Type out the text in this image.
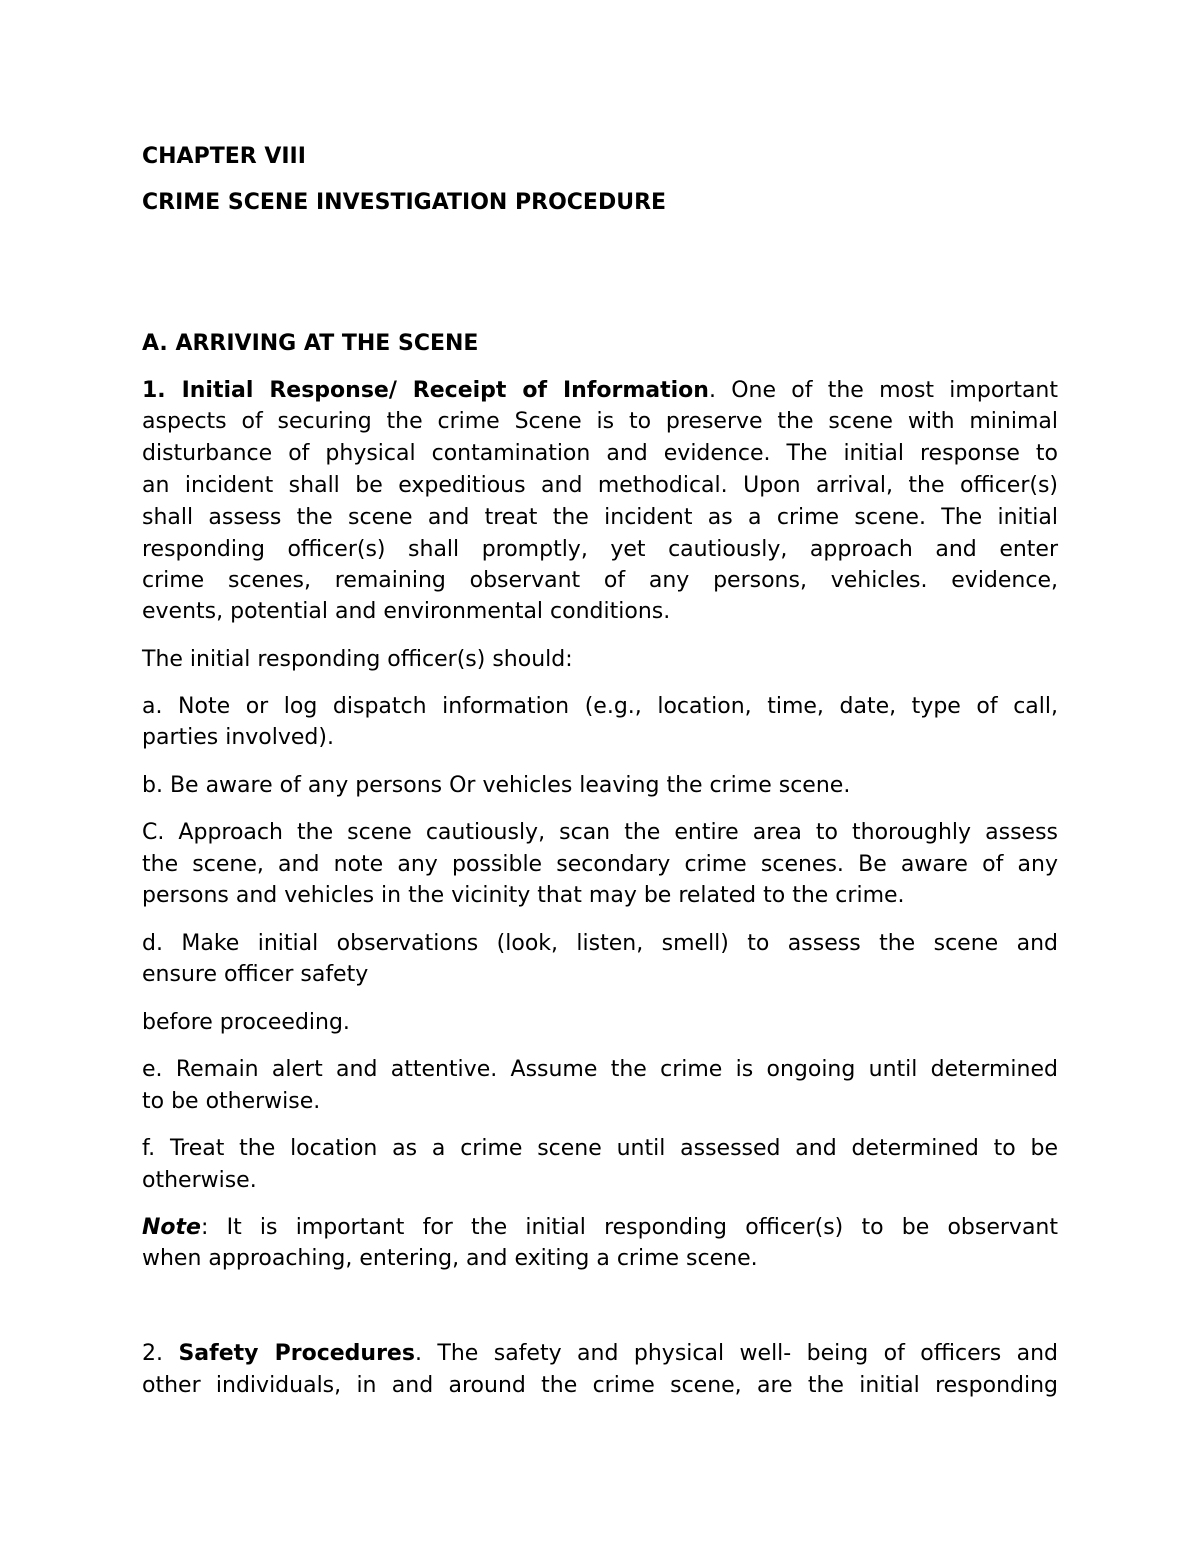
CHAPTER VIII
CRIME SCENE INVESTIGATION PROCEDURE
A. ARRIVING AT THE SCENE
1. Initial Response/ Receipt of Information. One of the most important
aspects of securing the crime Scene is to preserve the scene with minimal
disturbance of physical contamination and evidence. The initial response to
an incident shall be expeditious and methodical. Upon arrival, the officer(s)
shall assess the scene and treat the incident as a crime scene. The initial
responding officer(s) shall promptly, yet cautiously, approach and enter
crime scenes, remaining observant of any persons, vehicles. evidence,
events, potential and environmental conditions.
The initial responding officer(s) should:
a. Note or log dispatch information (e.g., location, time, date, type of call,
parties involved).
b. Be aware of any persons Or vehicles leaving the crime scene.
C. Approach the scene cautiously, scan the entire area to thoroughly assess
the scene, and note any possible secondary crime scenes. Be aware of any
persons and vehicles in the vicinity that may be related to the crime.
d. Make initial observations (look, listen, smell) to assess the scene and
ensure officer safety
before proceeding.
e. Remain alert and attentive. Assume the crime is ongoing until determined
to be otherwise.
f. Treat the location as a crime scene until assessed and determined to be
otherwise.
Note: It is important for the initial responding officer(s) to be observant
when approaching, entering, and exiting a crime scene.
2. Safety Procedures. The safety and physical well- being of officers and
other individuals, in and around the crime scene, are the initial responding
